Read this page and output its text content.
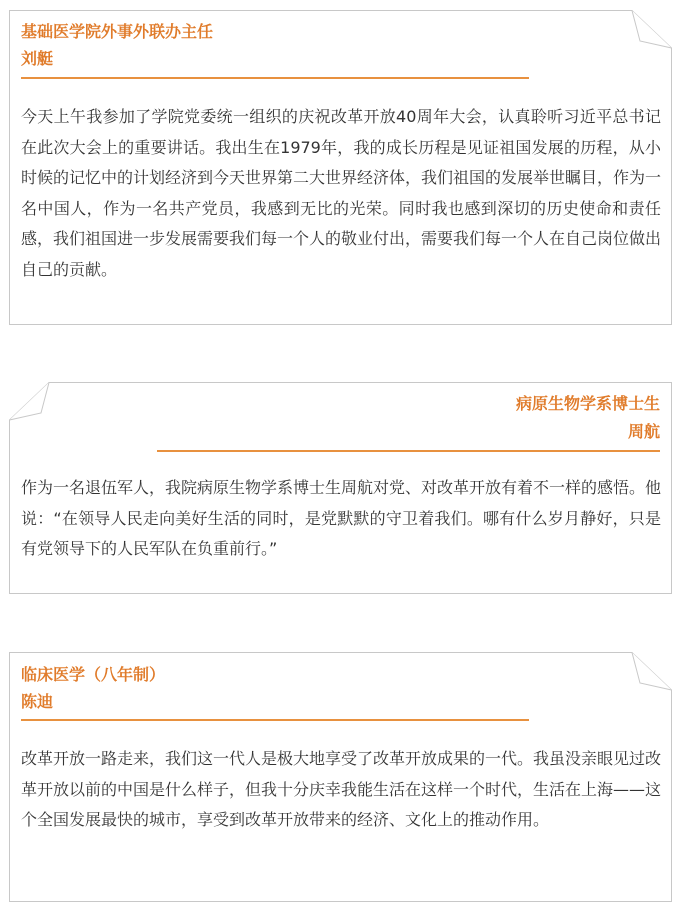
基础医学院外事外联办主任
刘艇

今天上午我参加了学院党委统一组织的庆祝改革开放40周年大会，认真聆听习近平总书记在此次大会上的重要讲话。我出生在1979年，我的成长历程是见证祖国发展的历程，从小时候的记忆中的计划经济到今天世界第二大世界经济体，我们祖国的发展举世瞩目，作为一名中国人，作为一名共产党员，我感到无比的光荣。同时我也感到深切的历史使命和责任感，我们祖国进一步发展需要我们每一个人的敬业付出，需要我们每一个人在自己岗位做出自己的贡献。

病原生物学系博士生
周航

作为一名退伍军人，我院病原生物学系博士生周航对党、对改革开放有着不一样的感悟。他说：“在领导人民走向美好生活的同时，是党默默的守卫着我们。哪有什么岁月静好，只是有党领导下的人民军队在负重前行。”

临床医学（八年制）
陈迪

改革开放一路走来，我们这一代人是极大地享受了改革开放成果的一代。我虽没亲眼见过改革开放以前的中国是什么样子，但我十分庆幸我能生活在这样一个时代，生活在上海——这个全国发展最快的城市，享受到改革开放带来的经济、文化上的推动作用。
